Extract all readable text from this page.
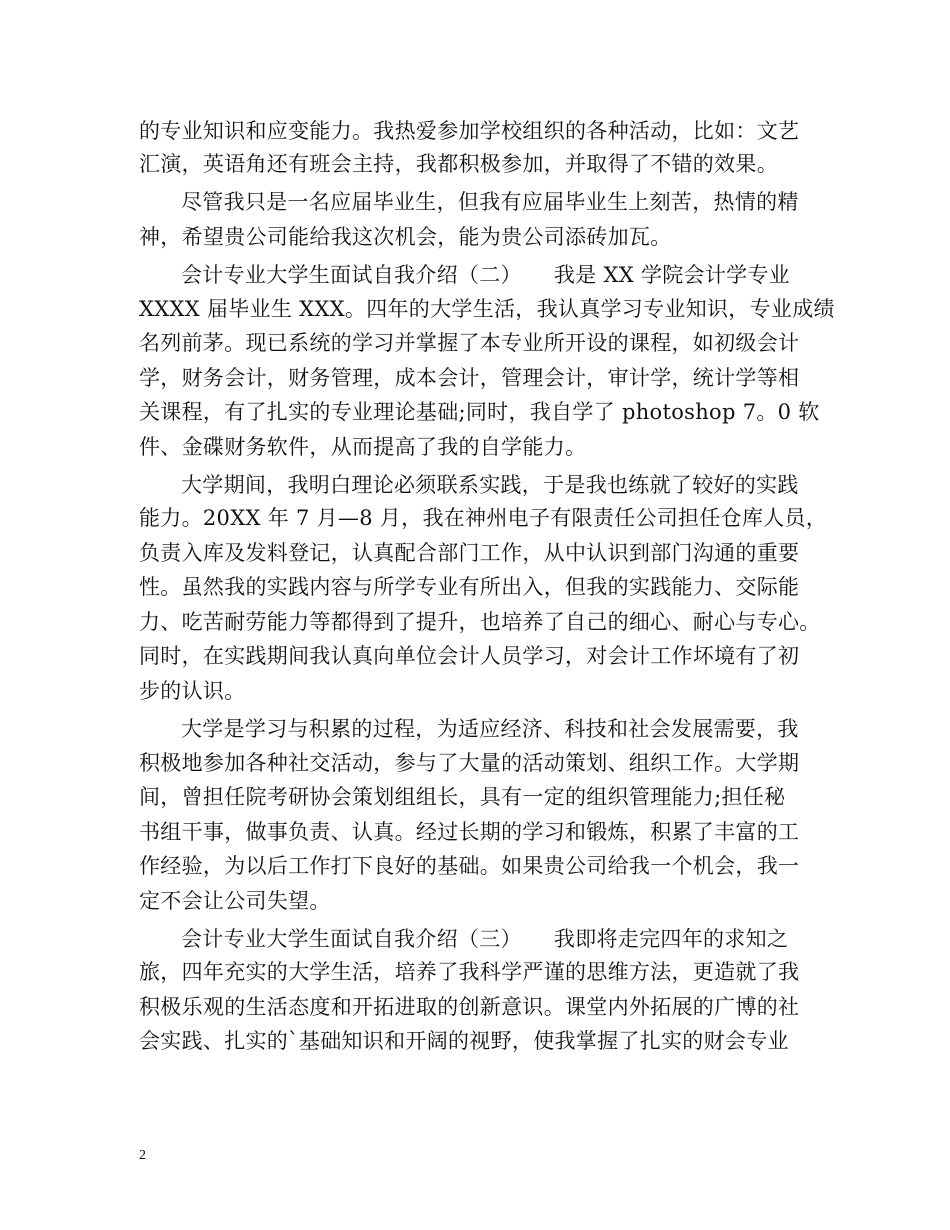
的专业知识和应变能力。我热爱参加学校组织的各种活动，比如：文艺
汇演，英语角还有班会主持，我都积极参加，并取得了不错的效果。
尽管我只是一名应届毕业生，但我有应届毕业生上刻苦，热情的精
神，希望贵公司能给我这次机会，能为贵公司添砖加瓦。
会计专业大学生面试自我介绍（二）　　我是 XX 学院会计学专业
XXXX 届毕业生 XXX。四年的大学生活，我认真学习专业知识，专业成绩
名列前茅。现已系统的学习并掌握了本专业所开设的课程，如初级会计
学，财务会计，财务管理，成本会计，管理会计，审计学，统计学等相
关课程，有了扎实的专业理论基础;同时，我自学了 photoshop 7。0 软
件、金碟财务软件，从而提高了我的自学能力。
大学期间，我明白理论必须联系实践，于是我也练就了较好的实践
能力。20XX 年 7 月—8 月，我在神州电子有限责任公司担任仓库人员，
负责入库及发料登记，认真配合部门工作，从中认识到部门沟通的重要
性。虽然我的实践内容与所学专业有所出入，但我的实践能力、交际能
力、吃苦耐劳能力等都得到了提升，也培养了自己的细心、耐心与专心。
同时，在实践期间我认真向单位会计人员学习，对会计工作坏境有了初
步的认识。
大学是学习与积累的过程，为适应经济、科技和社会发展需要，我
积极地参加各种社交活动，参与了大量的活动策划、组织工作。大学期
间，曾担任院考研协会策划组组长，具有一定的组织管理能力;担任秘
书组干事，做事负责、认真。经过长期的学习和锻炼，积累了丰富的工
作经验，为以后工作打下良好的基础。如果贵公司给我一个机会，我一
定不会让公司失望。
会计专业大学生面试自我介绍（三）　　我即将走完四年的求知之
旅，四年充实的大学生活，培养了我科学严谨的思维方法，更造就了我
积极乐观的生活态度和开拓进取的创新意识。课堂内外拓展的广博的社
会实践、扎实的`基础知识和开阔的视野，使我掌握了扎实的财会专业
2
